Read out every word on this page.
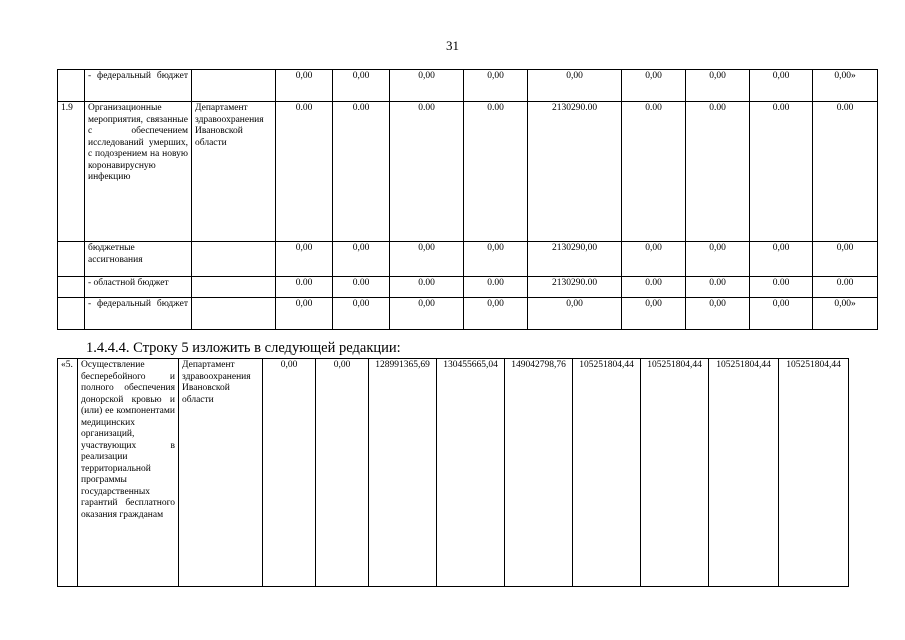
31
	- федеральный бюджет		0,00	0,00	0,00	0,00	0,00	0,00	0,00	0,00	0,00»
1.9	Организационные мероприятия, связанные с обеспечением исследований умерших, с подозрением на новую коронавирусную инфекцию	Департамент здравоохранения Ивановской области	0.00	0.00	0.00	0.00	2130290.00	0.00	0.00	0.00	0.00
	бюджетные ассигнования		0,00	0,00	0,00	0,00	2130290,00	0,00	0,00	0,00	0,00
	- областной бюджет		0.00	0.00	0.00	0.00	2130290.00	0.00	0.00	0.00	0.00
	- федеральный бюджет		0,00	0,00	0,00	0,00	0,00	0,00	0,00	0,00	0,00»
1.4.4.4. Строку 5 изложить в следующей редакции:
«5.	Осуществление бесперебойного и полного обеспечения донорской кровью и (или) ее компонентами медицинских организаций, участвующих в реализации территориальной программы государственных гарантий бесплатного оказания гражданам	Департамент здравоохранения Ивановской области	0,00	0,00	128991365,69	130455665,04	149042798,76	105251804,44	105251804,44	105251804,44	105251804,44
